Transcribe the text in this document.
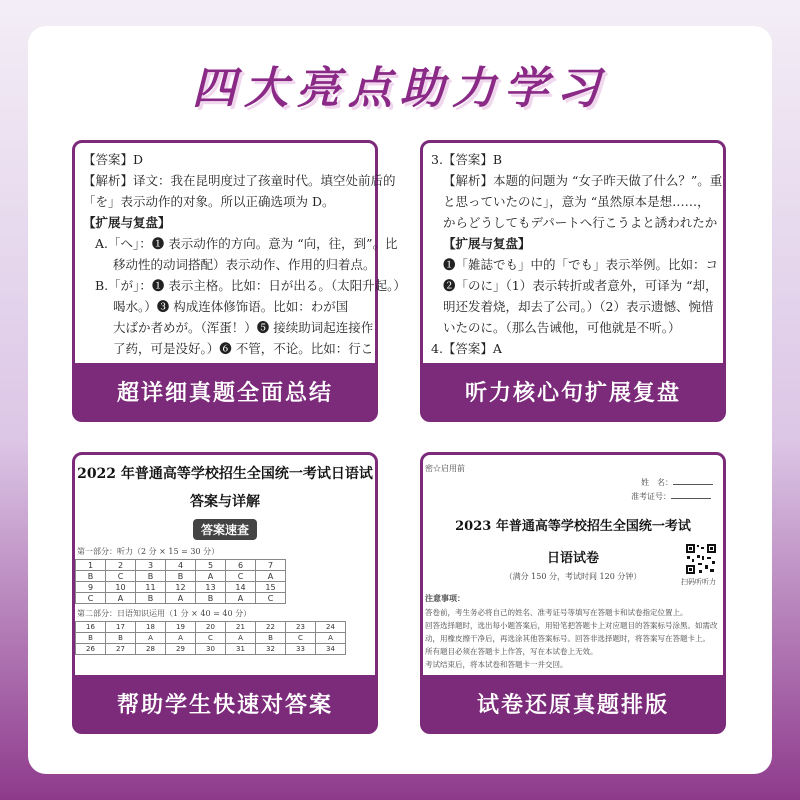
四大亮点助力学习
【答案】D
【解析】译文：我在昆明度过了孩童时代。填空处前后的
「を」表示动作的对象。所以正确选项为 D。
【扩展与复盘】
A.「へ」：❶ 表示动作的方向。意为 “向，往，到”。比
移动性的动词搭配）表示动作、作用的归着点。
B.「が」：❶ 表示主格。比如：日が出る。（太阳升起。）
喝水。）❸ 构成连体修饰语。比如：わが国
大ばか者めが。（浑蛋！）❺ 接续助词起连接作
了药，可是没好。）❻ 不管，不论。比如：行こ
超详细真题全面总结
3.【答案】B
【解析】本题的问题为 “女子昨天做了什么？”。重
と思っていたのに」，意为 “虽然原本是想……，
からどうしてもデパートへ行こうよと誘われたか
【扩展与复盘】
❶「雑誌でも」中的「でも」表示举例。比如：コ
❷「のに」（1）表示转折或者意外，可译为 “却，
明还发着烧，却去了公司。）（2）表示遗憾、惋惜
いたのに。（那么告诫他，可他就是不听。）
4.【答案】A
听力核心句扩展复盘
2022 年普通高等学校招生全国统一考试日语试
答案与详解
答案速查
第一部分：听力（2 分 × 15 = 30 分）
1	2	3	4	5	6	7
B	C	B	B	A	C	A
9	10	11	12	13	14	15
C	A	B	A	B	A	C
第二部分：日语知识运用（1 分 × 40 = 40 分）
16	17	18	19	20	21	22	23	24
B	B	A	A	C	A	B	C	A
26	27	28	29	30	31	32	33	34
帮助学生快速对答案
密☆启用前
姓　名：
准考证号：
2023 年普通高等学校招生全国统一考试
日语试卷
（满分 150 分，考试时间 120 分钟）
扫码听听力
注意事项：
答卷前，考生务必将自己的姓名、准考证号等填写在答题卡和试卷指定位置上。
回答选择题时，选出每小题答案后，用铅笔把答题卡上对应题目的答案标号涂黑。如需改
动，用橡皮擦干净后，再选涂其他答案标号。回答非选择题时，将答案写在答题卡上。
所有题目必须在答题卡上作答，写在本试卷上无效。
考试结束后，将本试卷和答题卡一并交回。
试卷还原真题排版
